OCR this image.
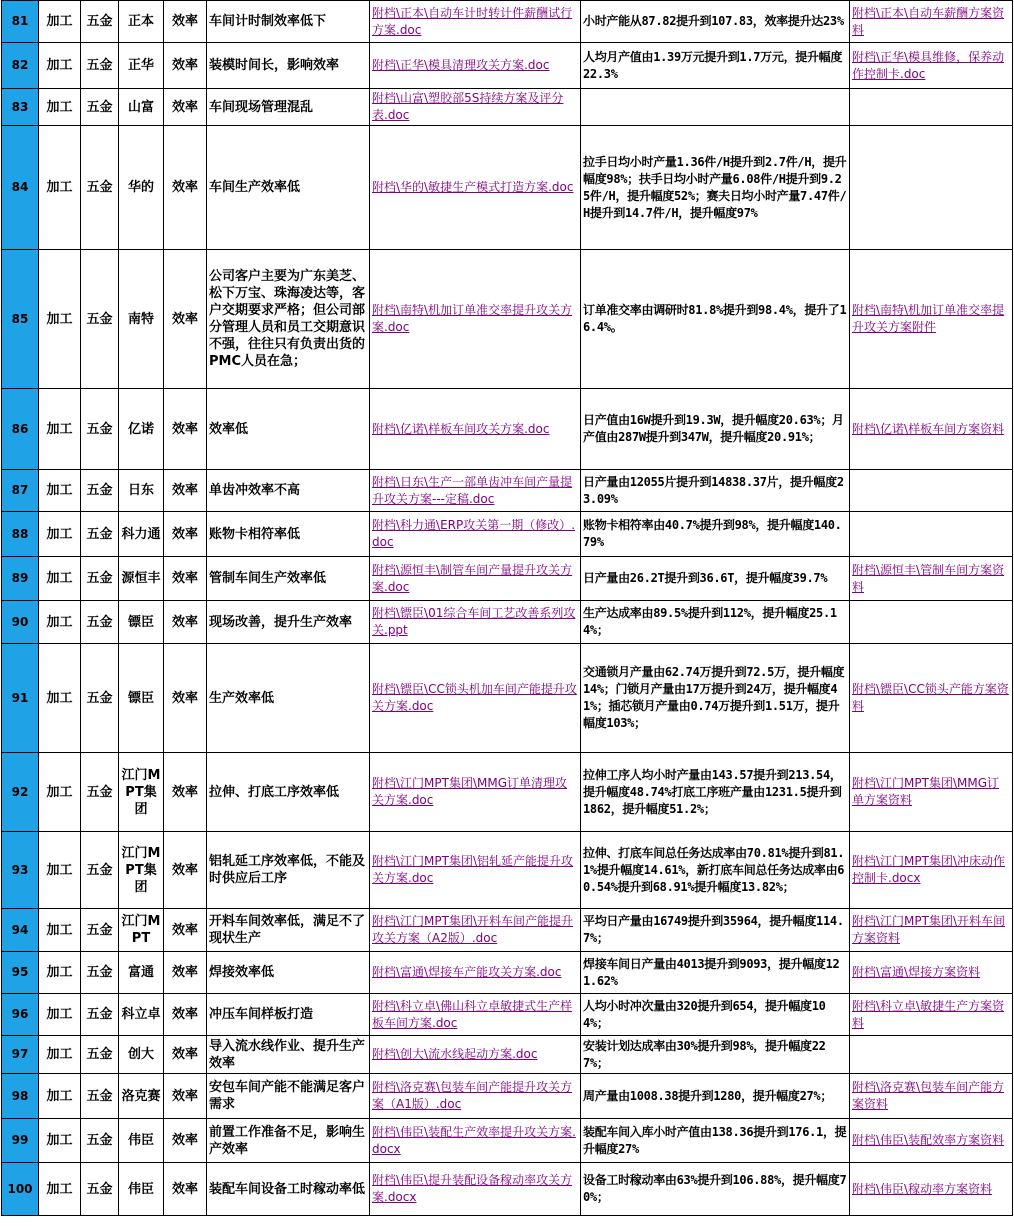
81	加工	五金	正本	效率	车间计时制效率低下	附档\正本\自动车计时转计件薪酬试行方案.doc	小时产能从87.82提升到107.83，效率提升达23%	附档\正本\自动车薪酬方案资料
82	加工	五金	正华	效率	装模时间长，影响效率	附档\正华\模具清理攻关方案.doc	人均月产值由1.39万元提升到1.7万元，提升幅度22.3%	附档\正华\模具维修，保养动作控制卡.doc
83	加工	五金	山富	效率	车间现场管理混乱	附档\山富\塑胶部5S持续方案及评分表.doc		
84	加工	五金	华的	效率	车间生产效率低	附档\华的\敏捷生产模式打造方案.doc	拉手日均小时产量1.36件/H提升到2.7件/H，提升幅度98%；扶手日均小时产量6.08件/H提升到9.25件/H，提升幅度52%；赛夫日均小时产量7.47件/H提升到14.7件/H，提升幅度97%	
85	加工	五金	南特	效率	公司客户主要为广东美芝、松下万宝、珠海凌达等，客户交期要求严格；但公司部分管理人员和员工交期意识不强，往往只有负责出货的PMC人员在急；	附档\南特\机加订单准交率提升攻关方案.doc	订单准交率由调研时81.8%提升到98.4%，提升了16.4%。	附档\南特\机加订单准交率提升攻关方案附件
86	加工	五金	亿诺	效率	效率低	附档\亿诺\样板车间攻关方案.doc	日产值由16W提升到19.3W，提升幅度20.63%；月产值由287W提升到347W，提升幅度20.91%；	附档\亿诺\样板车间方案资料
87	加工	五金	日东	效率	单齿冲效率不高	附档\日东\生产一部单齿冲车间产量提升攻关方案---定稿.doc	日产量由12055片提升到14838.37片，提升幅度23.09%	
88	加工	五金	科力通	效率	账物卡相符率低	附档\科力通\ERP攻关第一期（修改）.doc	账物卡相符率由40.7%提升到98%，提升幅度140.79%	
89	加工	五金	源恒丰	效率	管制车间生产效率低	附档\源恒丰\制管车间产量提升攻关方案.doc	日产量由26.2T提升到36.6T，提升幅度39.7%	附档\源恒丰\管制车间方案资料
90	加工	五金	镖臣	效率	现场改善，提升生产效率	附档\镖臣\01综合车间工艺改善系列攻关.ppt	生产达成率由89.5%提升到112%，提升幅度25.14%；	
91	加工	五金	镖臣	效率	生产效率低	附档\镖臣\CC锁头机加车间产能提升攻关方案.doc	交通锁月产量由62.74万提升到72.5万，提升幅度14%；门锁月产量由17万提升到24万，提升幅度41%；插芯锁月产量由0.74万提升到1.51万，提升幅度103%；	附档\镖臣\CC锁头产能方案资料
92	加工	五金	江门MPT集团	效率	拉伸、打底工序效率低	附档\江门MPT集团\MMG订单清理攻关方案.doc	拉伸工序人均小时产量由143.57提升到213.54，提升幅度48.74%打底工序班产量由1231.5提升到1862，提升幅度51.2%；	附档\江门MPT集团\MMG订单方案资料
93	加工	五金	江门MPT集团	效率	铝轧延工序效率低，不能及时供应后工序	附档\江门MPT集团\铝轧延产能提升攻关方案.doc	拉伸、打底车间总任务达成率由70.81%提升到81.1%提升幅度14.61%，新打底车间总任务达成率由60.54%提升到68.91%提升幅度13.82%；	附档\江门MPT集团\冲床动作控制卡.docx
94	加工	五金	江门MPT	效率	开料车间效率低，满足不了现状生产	附档\江门MPT集团\开料车间产能提升攻关方案（A2版）.doc	平均日产量由16749提升到35964，提升幅度114.7%；	附档\江门MPT集团\开料车间方案资料
95	加工	五金	富通	效率	焊接效率低	附档\富通\焊接车产能攻关方案.doc	焊接车间日产量由4013提升到9093，提升幅度121.62%	附档\富通\焊接方案资料
96	加工	五金	科立卓	效率	冲压车间样板打造	附档\科立卓\佛山科立卓敏捷式生产样板车间方案.doc	人均小时冲次量由320提升到654，提升幅度104%；	附档\科立卓\敏捷生产方案资料
97	加工	五金	创大	效率	导入流水线作业、提升生产效率	附档\创大\流水线起动方案.doc	安装计划达成率由30%提升到98%，提升幅度227%；	
98	加工	五金	洛克赛	效率	安包车间产能不能满足客户需求	附档\洛克赛\包装车间产能提升攻关方案（A1版）.doc	周产量由1008.38提升到1280，提升幅度27%；	附档\洛克赛\包装车间产能方案资料
99	加工	五金	伟臣	效率	前置工作准备不足，影响生产效率	附档\伟臣\装配生产效率提升攻关方案.docx	装配车间入库小时产值由138.36提升到176.1，提升幅度27%	附档\伟臣\装配效率方案资料
100	加工	五金	伟臣	效率	装配车间设备工时稼动率低	附档\伟臣\提升装配设备稼动率攻关方案.docx	设备工时稼动率由63%提升到106.88%，提升幅度70%；	附档\伟臣\稼动率方案资料
